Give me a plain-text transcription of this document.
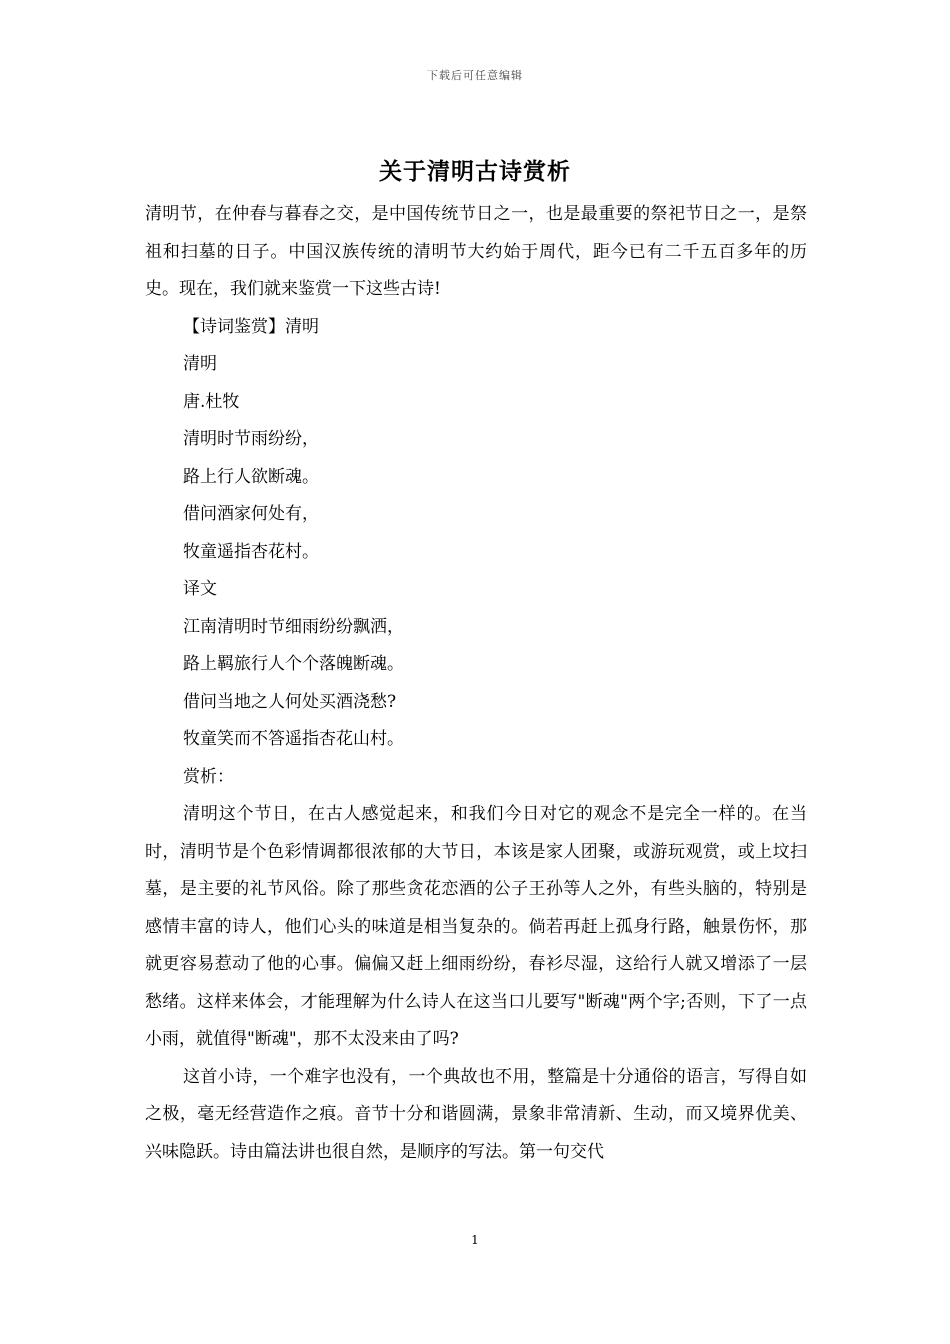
下载后可任意编辑
关于清明古诗赏析

清明节，在仲春与暮春之交，是中国传统节日之一，也是最重要的祭祀节日之一，是祭祖和扫墓的日子。中国汉族传统的清明节大约始于周代，距今已有二千五百多年的历史。现在，我们就来鉴赏一下这些古诗!

【诗词鉴赏】清明

清明

唐.杜牧

清明时节雨纷纷，

路上行人欲断魂。

借问酒家何处有，

牧童遥指杏花村。

译文

江南清明时节细雨纷纷飘洒，

路上羁旅行人个个落魄断魂。

借问当地之人何处买酒浇愁?

牧童笑而不答遥指杏花山村。

赏析：

清明这个节日，在古人感觉起来，和我们今日对它的观念不是完全一样的。在当时，清明节是个色彩情调都很浓郁的大节日，本该是家人团聚，或游玩观赏，或上坟扫墓，是主要的礼节风俗。除了那些贪花恋酒的公子王孙等人之外，有些头脑的，特别是感情丰富的诗人，他们心头的味道是相当复杂的。倘若再赶上孤身行路，触景伤怀，那就更容易惹动了他的心事。偏偏又赶上细雨纷纷，春衫尽湿，这给行人就又增添了一层愁绪。这样来体会，才能理解为什么诗人在这当口儿要写"断魂"两个字;否则，下了一点小雨，就值得"断魂"，那不太没来由了吗?

这首小诗，一个难字也没有，一个典故也不用，整篇是十分通俗的语言，写得自如之极，毫无经营造作之痕。音节十分和谐圆满，景象非常清新、生动，而又境界优美、兴味隐跃。诗由篇法讲也很自然，是顺序的写法。第一句交代

1
